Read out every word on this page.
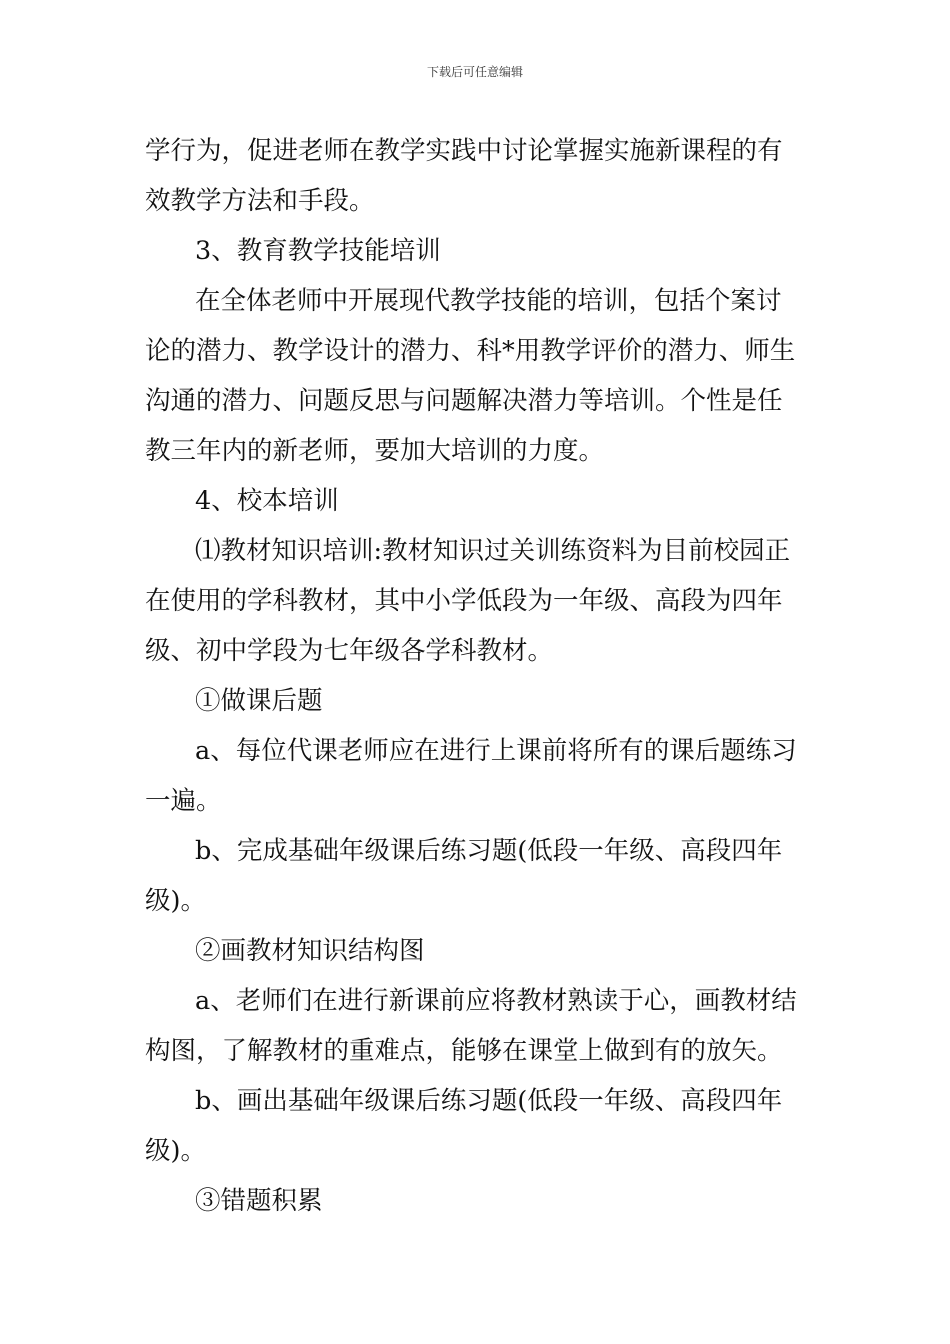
下载后可任意编辑
学行为，促进老师在教学实践中讨论掌握实施新课程的有
效教学方法和手段。
3、教育教学技能培训
在全体老师中开展现代教学技能的培训，包括个案讨
论的潜力、教学设计的潜力、科*用教学评价的潜力、师生
沟通的潜力、问题反思与问题解决潜力等培训。个性是任
教三年内的新老师，要加大培训的力度。
4、校本培训
⑴教材知识培训:教材知识过关训练资料为目前校园正
在使用的学科教材，其中小学低段为一年级、高段为四年
级、初中学段为七年级各学科教材。
①做课后题
a、每位代课老师应在进行上课前将所有的课后题练习
一遍。
b、完成基础年级课后练习题(低段一年级、高段四年
级)。
②画教材知识结构图
a、老师们在进行新课前应将教材熟读于心，画教材结
构图，了解教材的重难点，能够在课堂上做到有的放矢。
b、画出基础年级课后练习题(低段一年级、高段四年
级)。
③错题积累
